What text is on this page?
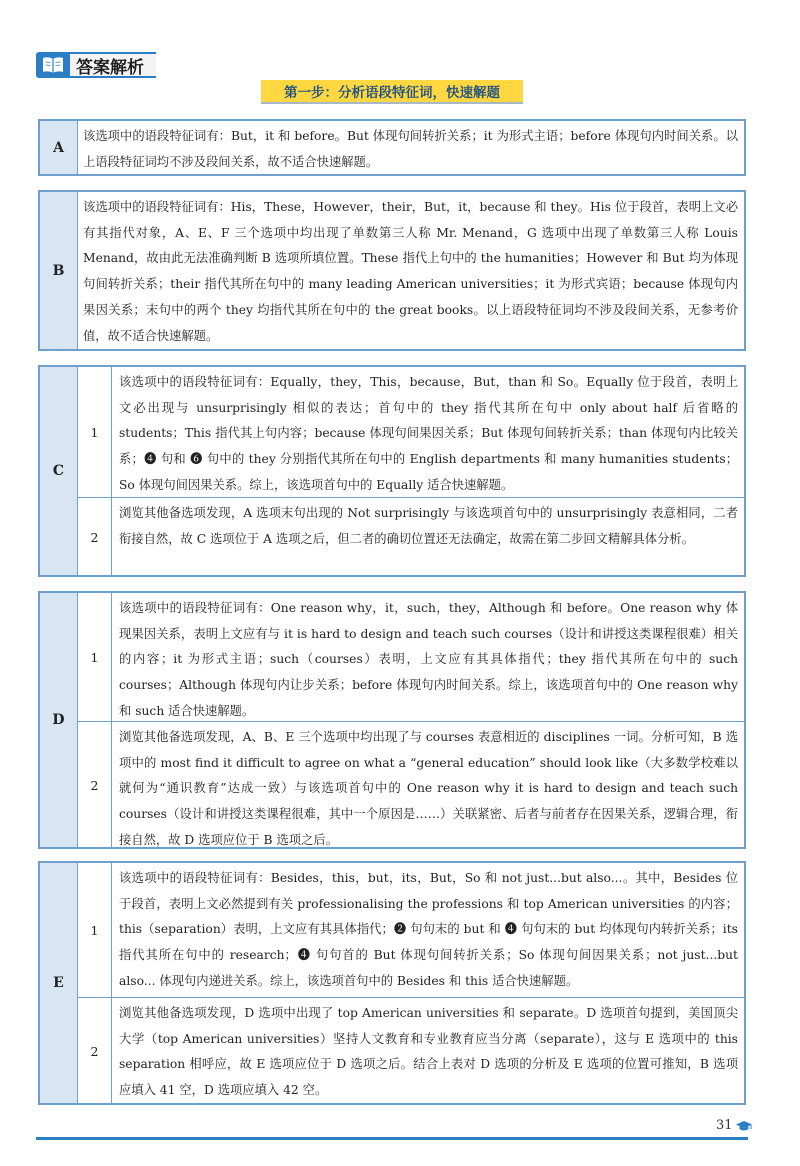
答案解析
第一步：分析语段特征词，快速解题
A
该选项中的语段特征词有：But，it 和 before。But 体现句间转折关系；it 为形式主语；before 体现句内时间关系。以上语段特征词均不涉及段间关系，故不适合快速解题。
B
该选项中的语段特征词有：His，These，However，their，But，it，because 和 they。His 位于段首，表明上文必有其指代对象，A、E、F 三个选项中均出现了单数第三人称 Mr. Menand，G 选项中出现了单数第三人称 Louis Menand，故由此无法准确判断 B 选项所填位置。These 指代上句中的 the humanities；However 和 But 均为体现句间转折关系；their 指代其所在句中的 many leading American universities；it 为形式宾语；because 体现句内果因关系；末句中的两个 they 均指代其所在句中的 the great books。以上语段特征词均不涉及段间关系，无参考价值，故不适合快速解题。
C
1
该选项中的语段特征词有：Equally，they，This，because，But，than 和 So。Equally 位于段首，表明上文必出现与 unsurprisingly 相似的表达；首句中的 they 指代其所在句中 only about half 后省略的 students；This 指代其上句内容；because 体现句间果因关系；But 体现句间转折关系；than 体现句内比较关系；❹ 句和 ❻ 句中的 they 分别指代其所在句中的 English departments 和 many humanities students；So 体现句间因果关系。综上，该选项首句中的 Equally 适合快速解题。
2
浏览其他备选项发现，A 选项末句出现的 Not surprisingly 与该选项首句中的 unsurprisingly 表意相同，二者衔接自然，故 C 选项位于 A 选项之后，但二者的确切位置还无法确定，故需在第二步回文精解具体分析。
D
1
该选项中的语段特征词有：One reason why，it，such，they，Although 和 before。One reason why 体现果因关系，表明上文应有与 it is hard to design and teach such courses（设计和讲授这类课程很难）相关的内容；it 为形式主语；such（courses）表明，上文应有其具体指代；they 指代其所在句中的 such courses；Although 体现句内让步关系；before 体现句内时间关系。综上，该选项首句中的 One reason why 和 such 适合快速解题。
2
浏览其他备选项发现，A、B、E 三个选项中均出现了与 courses 表意相近的 disciplines 一词。分析可知，B 选项中的 most find it difficult to agree on what a “general education” should look like（大多数学校难以就何为“通识教育”达成一致）与该选项首句中的 One reason why it is hard to design and teach such courses（设计和讲授这类课程很难，其中一个原因是……）关联紧密、后者与前者存在因果关系，逻辑合理，衔接自然，故 D 选项应位于 B 选项之后。
E
1
该选项中的语段特征词有：Besides，this，but，its，But，So 和 not just...but also...。其中，Besides 位于段首，表明上文必然提到有关 professionalising the professions 和 top American universities 的内容；this（separation）表明，上文应有其具体指代；❷ 句句末的 but 和 ❹ 句句末的 but 均体现句内转折关系；its 指代其所在句中的 research；❹ 句句首的 But 体现句间转折关系；So 体现句间因果关系；not just...but also... 体现句内递进关系。综上，该选项首句中的 Besides 和 this 适合快速解题。
2
浏览其他备选项发现，D 选项中出现了 top American universities 和 separate。D 选项首句提到，美国顶尖大学（top American universities）坚持人文教育和专业教育应当分离（separate），这与 E 选项中的 this separation 相呼应，故 E 选项应位于 D 选项之后。结合上表对 D 选项的分析及 E 选项的位置可推知，B 选项应填入 41 空，D 选项应填入 42 空。
31
